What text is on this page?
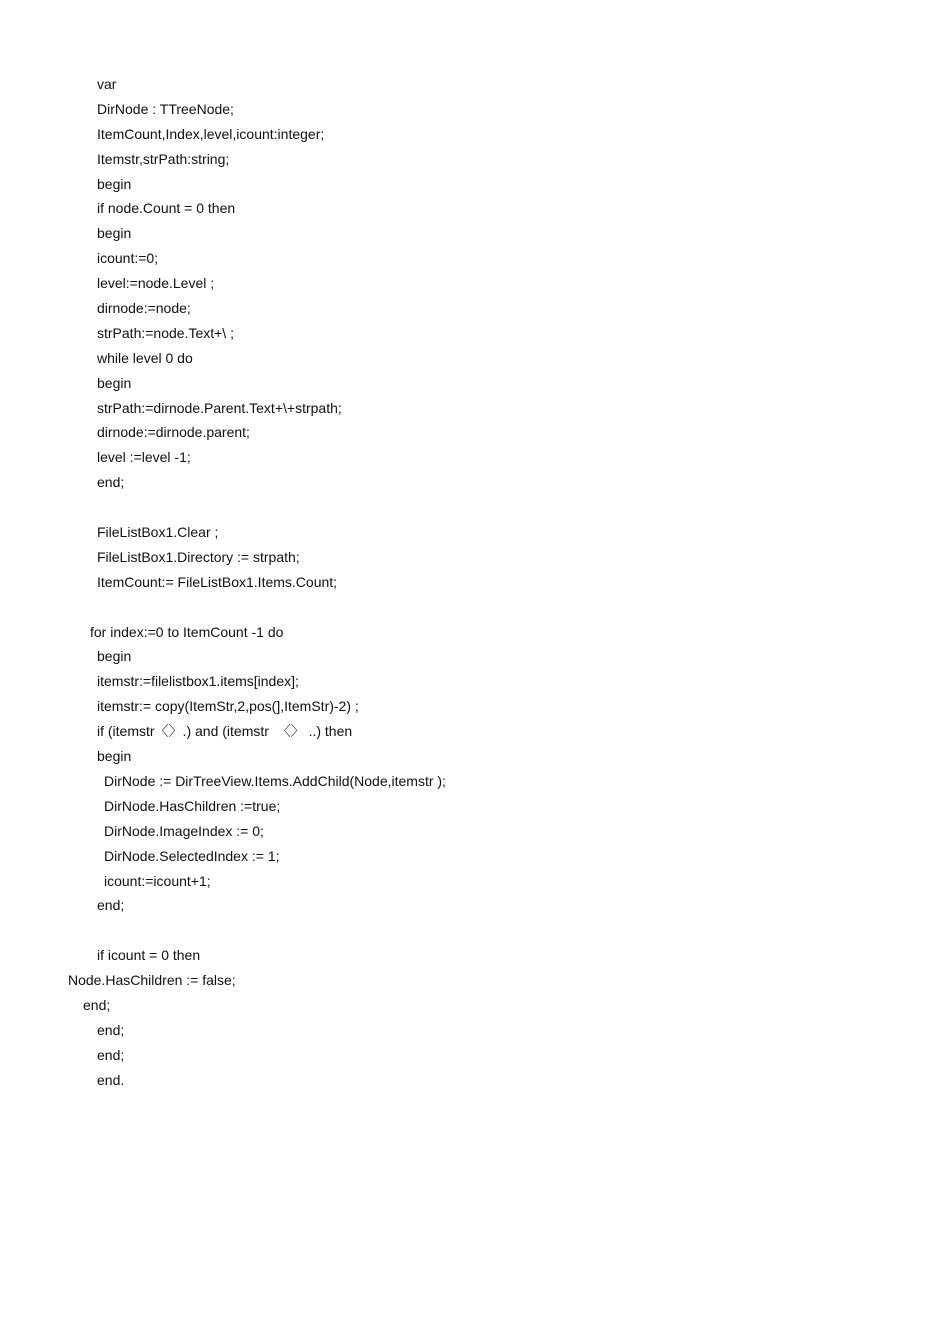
var
DirNode : TTreeNode;
ItemCount,Index,level,icount:integer;
Itemstr,strPath:string;
begin
if node.Count = 0 then
begin
icount:=0;
level:=node.Level ;
dirnode:=node;
strPath:=node.Text+\ ;
while level 0 do
begin
strPath:=dirnode.Parent.Text+\+strpath;
dirnode:=dirnode.parent;
level :=level -1;
end;
FileListBox1.Clear ;
FileListBox1.Directory := strpath;
ItemCount:= FileListBox1.Items.Count;
for index:=0 to ItemCount -1 do
begin
itemstr:=filelistbox1.items[index];
itemstr:= copy(ItemStr,2,pos(],ItemStr)-2) ;
if (itemstr〈〉.) and (itemstr  〈〉 ..) then
begin
DirNode := DirTreeView.Items.AddChild(Node,itemstr );
DirNode.HasChildren :=true;
DirNode.ImageIndex := 0;
DirNode.SelectedIndex := 1;
icount:=icount+1;
end;
if icount = 0 then
Node.HasChildren := false;
end;
end;
end;
end.
